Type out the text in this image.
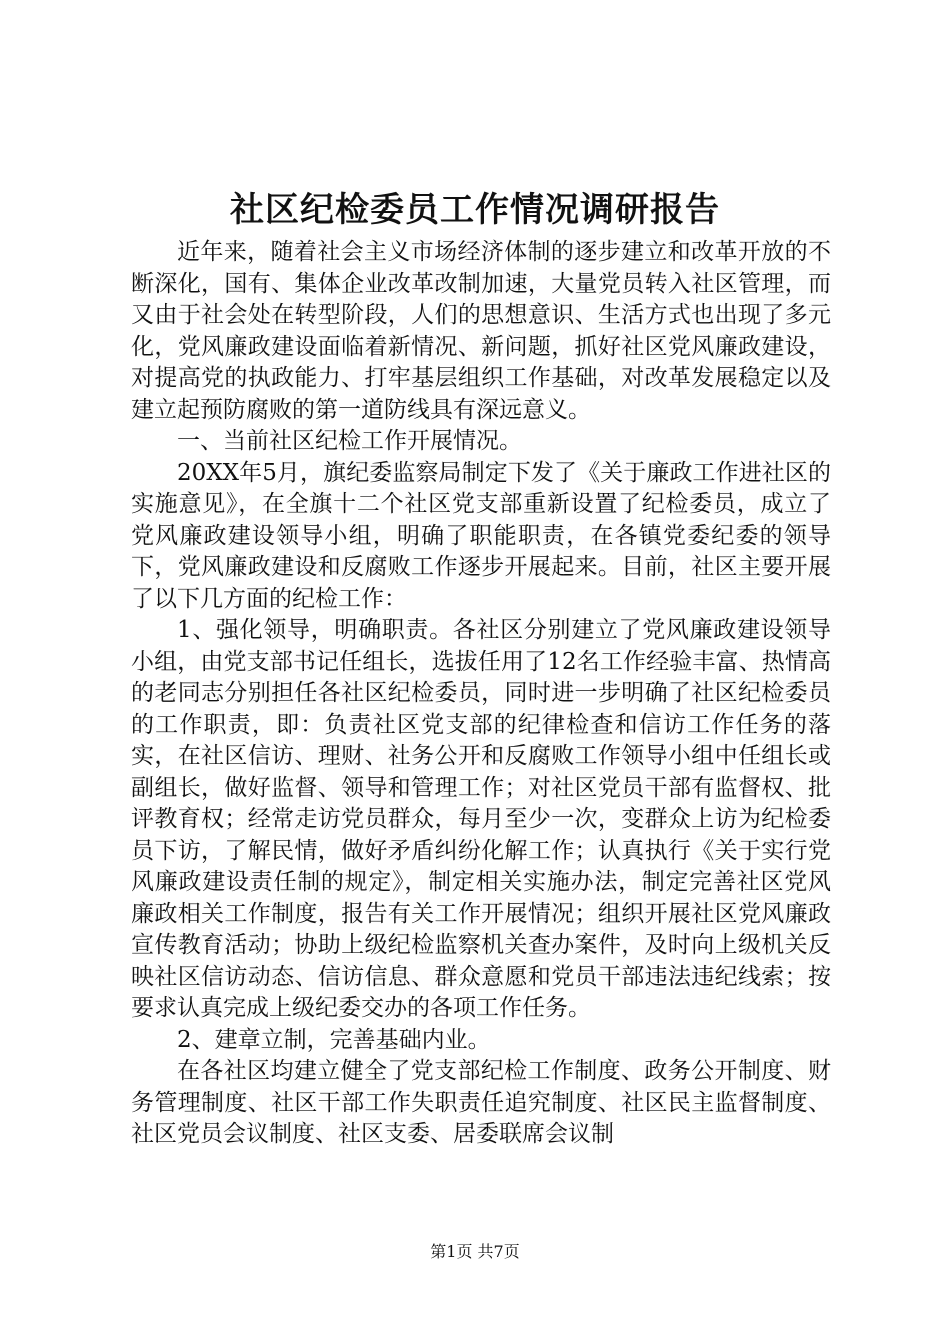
社区纪检委员工作情况调研报告

近年来，随着社会主义市场经济体制的逐步建立和改革开放的不断深化，国有、集体企业改革改制加速，大量党员转入社区管理，而又由于社会处在转型阶段，人们的思想意识、生活方式也出现了多元化，党风廉政建设面临着新情况、新问题，抓好社区党风廉政建设，对提高党的执政能力、打牢基层组织工作基础，对改革发展稳定以及建立起预防腐败的第一道防线具有深远意义。

一、当前社区纪检工作开展情况。

20XX年5月，旗纪委监察局制定下发了《关于廉政工作进社区的实施意见》，在全旗十二个社区党支部重新设置了纪检委员，成立了党风廉政建设领导小组，明确了职能职责，在各镇党委纪委的领导下，党风廉政建设和反腐败工作逐步开展起来。目前，社区主要开展了以下几方面的纪检工作：

1、强化领导，明确职责。各社区分别建立了党风廉政建设领导小组，由党支部书记任组长，选拔任用了12名工作经验丰富、热情高的老同志分别担任各社区纪检委员，同时进一步明确了社区纪检委员的工作职责，即：负责社区党支部的纪律检查和信访工作任务的落实，在社区信访、理财、社务公开和反腐败工作领导小组中任组长或副组长，做好监督、领导和管理工作；对社区党员干部有监督权、批评教育权；经常走访党员群众，每月至少一次，变群众上访为纪检委员下访，了解民情，做好矛盾纠纷化解工作；认真执行《关于实行党风廉政建设责任制的规定》，制定相关实施办法，制定完善社区党风廉政相关工作制度，报告有关工作开展情况；组织开展社区党风廉政宣传教育活动；协助上级纪检监察机关查办案件，及时向上级机关反映社区信访动态、信访信息、群众意愿和党员干部违法违纪线索；按要求认真完成上级纪委交办的各项工作任务。

2、建章立制，完善基础内业。

在各社区均建立健全了党支部纪检工作制度、政务公开制度、财务管理制度、社区干部工作失职责任追究制度、社区民主监督制度、社区党员会议制度、社区支委、居委联席会议制

第1页 共7页
